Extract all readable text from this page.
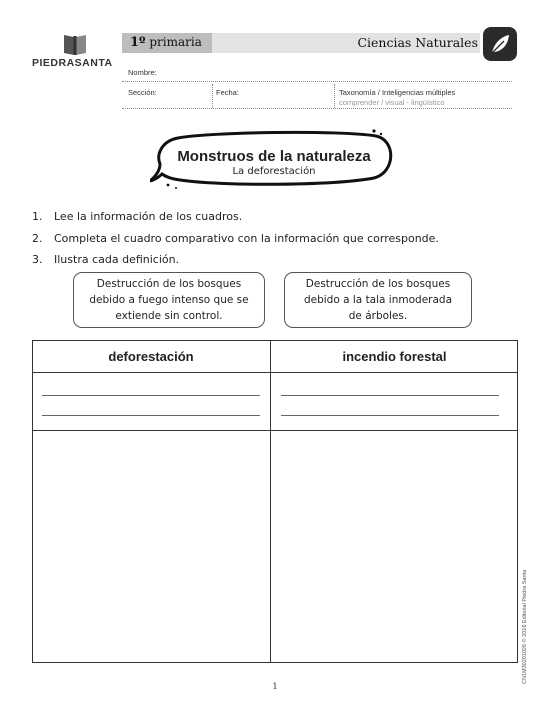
PIEDRASANTA
1º primaria	Ciencias Naturales
Nombre:
Sección:	Fecha:	Taxonomía / Inteligencias múltiples
comprender / visual - lingüístico
Monstruos de la naturaleza
La deforestación
1. Lee la información de los cuadros.
2. Completa el cuadro comparativo con la información que corresponde.
3. Ilustra cada definición.
Destrucción de los bosques
debido a fuego intenso que se
extiende sin control.
Destrucción de los bosques
debido a la tala inmoderada
de árboles.
deforestación	incendio forestal
CN1M30201026 © 2016 Editorial Piedra Santa
1
